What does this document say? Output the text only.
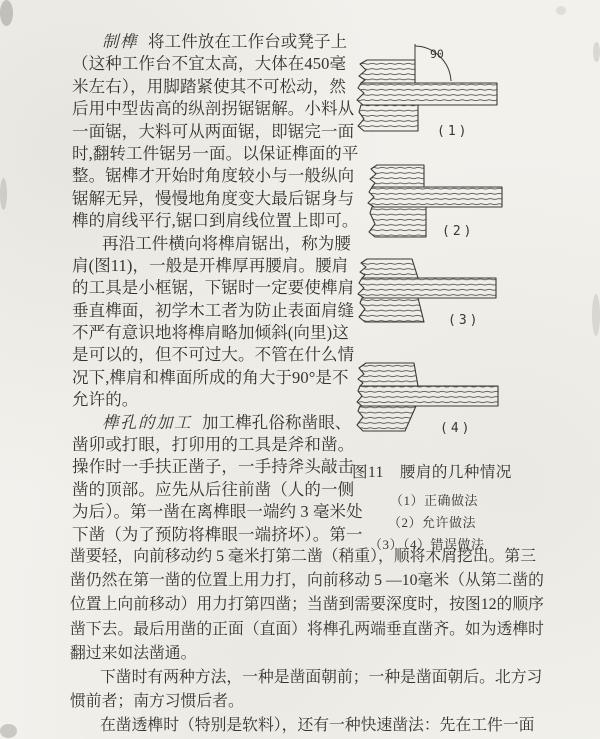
制榫 将工件放在工作台或凳子上
（这种工作台不宜太高，大体在450毫
米左右），用脚踏紧使其不可松动，然
后用中型齿高的纵剖拐锯锯解。小料从
一面锯，大料可从两面锯，即锯完一面
时,翻转工件锯另一面。以保证榫面的平
整。锯榫才开始时角度较小与一般纵向
锯解无异，慢慢地角度变大最后锯身与
榫的肩线平行,锯口到肩线位置上即可。
再沿工件横向将榫肩锯出，称为腰
肩(图11)，一般是开榫厚再腰肩。腰肩
的工具是小框锯，下锯时一定要使榫肩
垂直榫面，初学木工者为防止表面肩缝
不严有意识地将榫肩略加倾斜(向里)这
是可以的，但不可过大。不管在什么情
况下,榫肩和榫面所成的角大于90°是不
允许的。
榫孔的加工 加工榫孔俗称凿眼、
凿卯或打眼，打卯用的工具是斧和凿。
操作时一手扶正凿子，一手持斧头敲击
凿的顶部。应先从后往前凿（人的一侧
为后）。第一凿在离榫眼一端约 3 毫米处
下凿（为了预防将榫眼一端挤坏）。第一
90
(1)
(2)
(3)
(4)
图11　腰肩的几种情况
（1）正确做法
（2）允许做法
（3）（4）错误做法
凿要轻，向前移动约 5 毫米打第二凿（稍重），顺将木屑挖出。第三
凿仍然在第一凿的位置上用力打，向前移动 5 —10毫米（从第二凿的
位置上向前移动）用力打第四凿；当凿到需要深度时，按图12的顺序
凿下去。最后用凿的正面（直面）将榫孔两端垂直凿齐。如为透榫时
翻过来如法凿通。
下凿时有两种方法，一种是凿面朝前；一种是凿面朝后。北方习
惯前者；南方习惯后者。
在凿透榫时（特别是软料），还有一种快速凿法：先在工件一面
